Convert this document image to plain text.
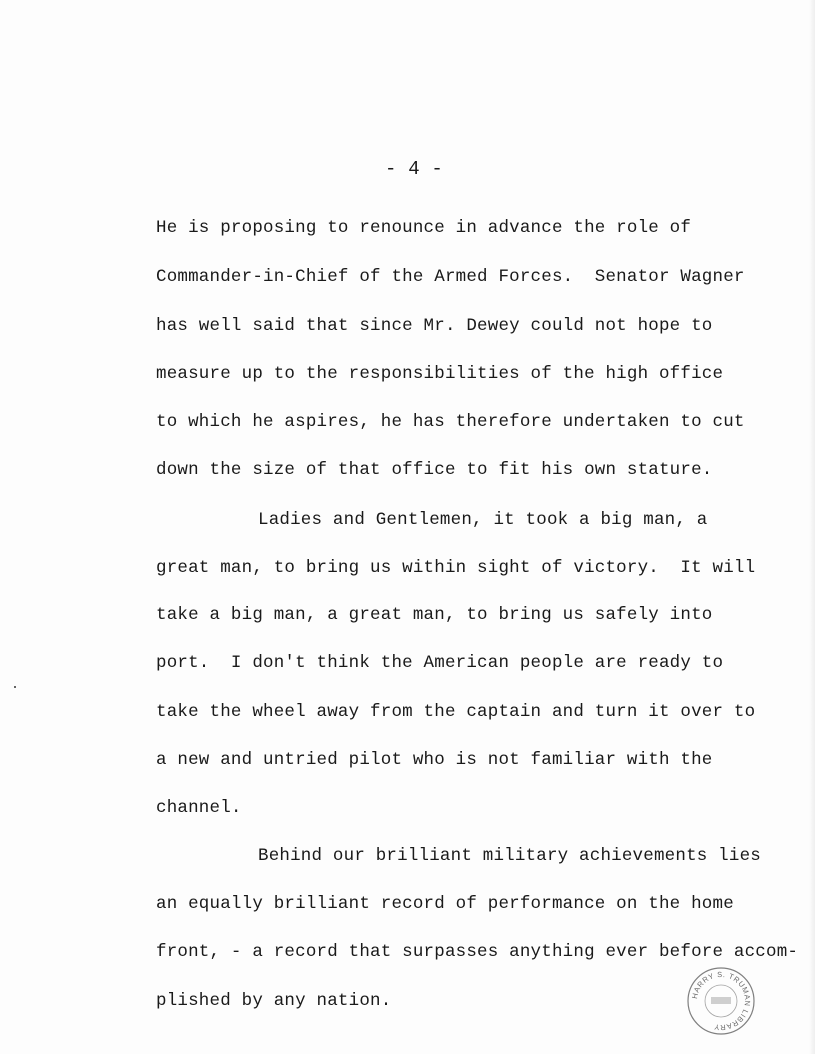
- 4 -
He is proposing to renounce in advance the role of
Commander-in-Chief of the Armed Forces.  Senator Wagner
has well said that since Mr. Dewey could not hope to
measure up to the responsibilities of the high office
to which he aspires, he has therefore undertaken to cut
down the size of that office to fit his own stature.
Ladies and Gentlemen, it took a big man, a
great man, to bring us within sight of victory.  It will
take a big man, a great man, to bring us safely into
port.  I don't think the American people are ready to
take the wheel away from the captain and turn it over to
a new and untried pilot who is not familiar with the
channel.
Behind our brilliant military achievements lies
an equally brilliant record of performance on the home
front, - a record that surpasses anything ever before accom-
plished by any nation.	HARRY S. TRUMAN LIBRARY
